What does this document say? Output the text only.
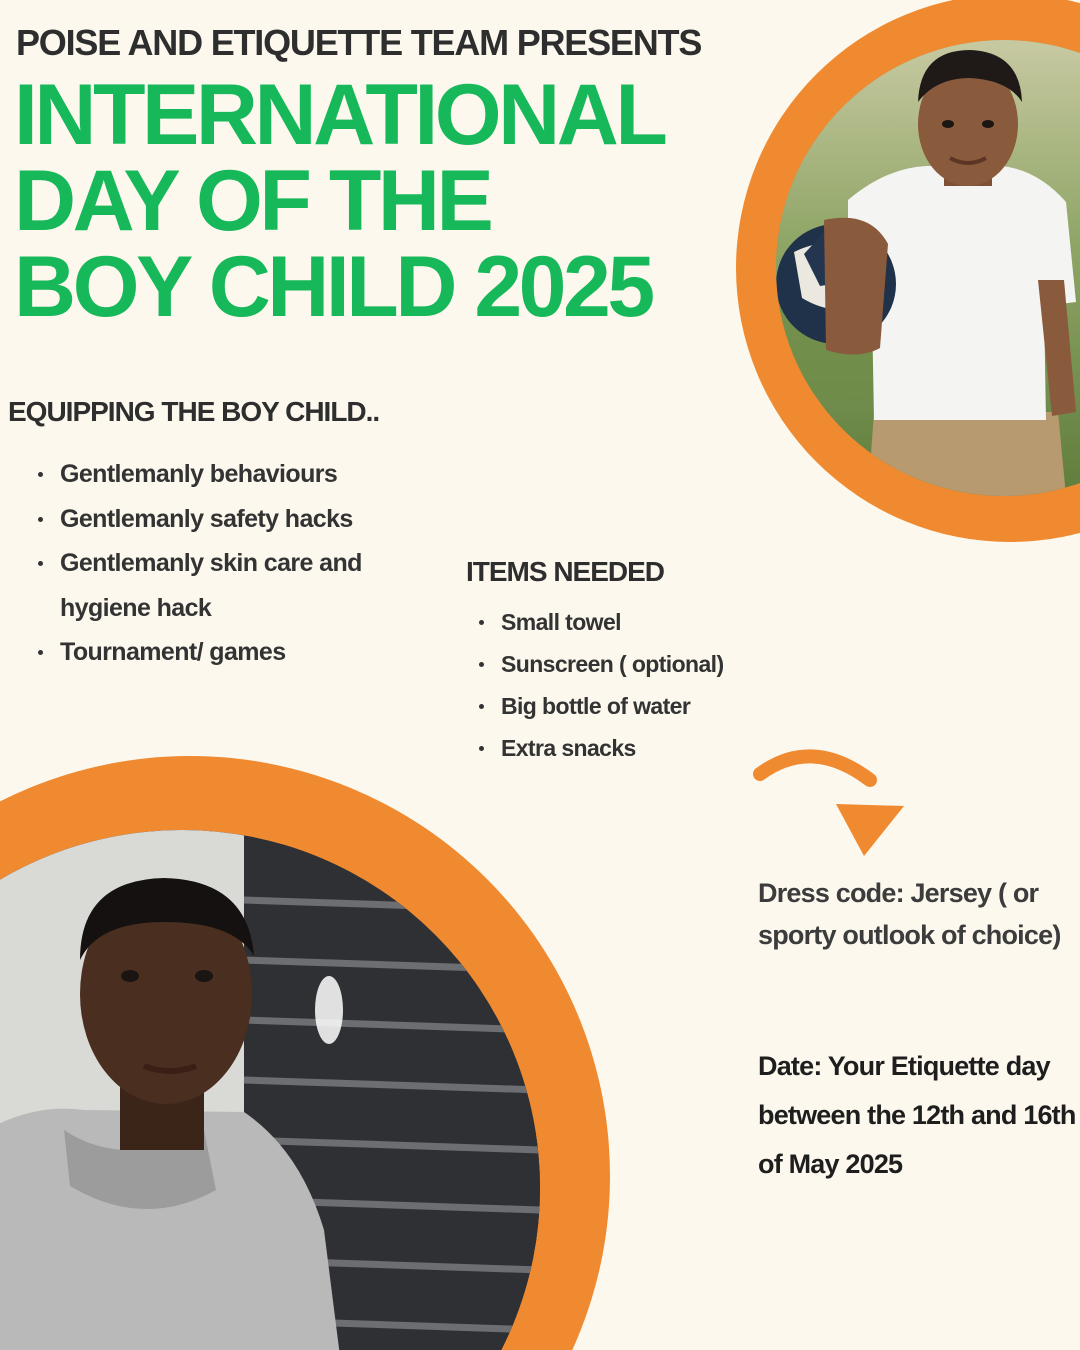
POISE AND ETIQUETTE TEAM PRESENTS
INTERNATIONAL
DAY OF THE
BOY CHILD 2025
EQUIPPING THE BOY CHILD..
Gentlemanly behaviours
Gentlemanly safety hacks
Gentlemanly skin care and hygiene hack
Tournament/ games
ITEMS NEEDED
Small towel
Sunscreen ( optional)
Big bottle of water
Extra snacks

Dress code: Jersey ( or sporty outlook of choice)

Date: Your Etiquette day between the 12th and 16th of May 2025
